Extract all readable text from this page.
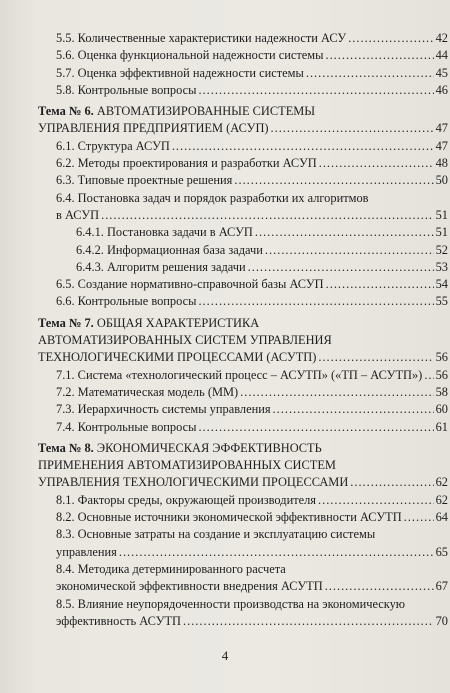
5.5. Количественные характеристики надежности АСУ .....	42
5.6. Оценка функциональной надежности системы .....	44
5.7. Оценка эффективной надежности системы .....	45
5.8. Контрольные вопросы .....	46
Тема № 6. АВТОМАТИЗИРОВАННЫЕ СИСТЕМЫ
УПРАВЛЕНИЯ ПРЕДПРИЯТИЕМ (АСУП) .....	47
6.1. Структура АСУП .....	47
6.2. Методы проектирования и разработки АСУП .....	48
6.3. Типовые проектные решения .....	50
6.4. Постановка задач и порядок разработки их алгоритмов
в АСУП .....	51
6.4.1. Постановка задачи в АСУП .....	51
6.4.2. Информационная база задачи .....	52
6.4.3. Алгоритм решения задачи .....	53
6.5. Создание нормативно-справочной базы АСУП .....	54
6.6. Контрольные вопросы .....	55
Тема № 7. ОБЩАЯ ХАРАКТЕРИСТИКА
АВТОМАТИЗИРОВАННЫХ СИСТЕМ УПРАВЛЕНИЯ
ТЕХНОЛОГИЧЕСКИМИ ПРОЦЕССАМИ (АСУТП) .....	56
7.1. Система «технологический процесс – АСУТП» («ТП – АСУТП») ..... 56
7.2. Математическая модель (ММ) .....	58
7.3. Иерархичность системы управления .....	60
7.4. Контрольные вопросы .....	61
Тема № 8. ЭКОНОМИЧЕСКАЯ ЭФФЕКТИВНОСТЬ
ПРИМЕНЕНИЯ АВТОМАТИЗИРОВАННЫХ СИСТЕМ
УПРАВЛЕНИЯ ТЕХНОЛОГИЧЕСКИМИ ПРОЦЕССАМИ .....	62
8.1. Факторы среды, окружающей производителя .....	62
8.2. Основные источники экономической эффективности АСУТП .....	64
8.3. Основные затраты на создание и эксплуатацию системы
управления .....	65
8.4. Методика детерминированного расчета
экономической эффективности внедрения АСУТП .....	67
8.5. Влияние неупорядоченности производства на экономическую
эффективность АСУТП .....	70
4
